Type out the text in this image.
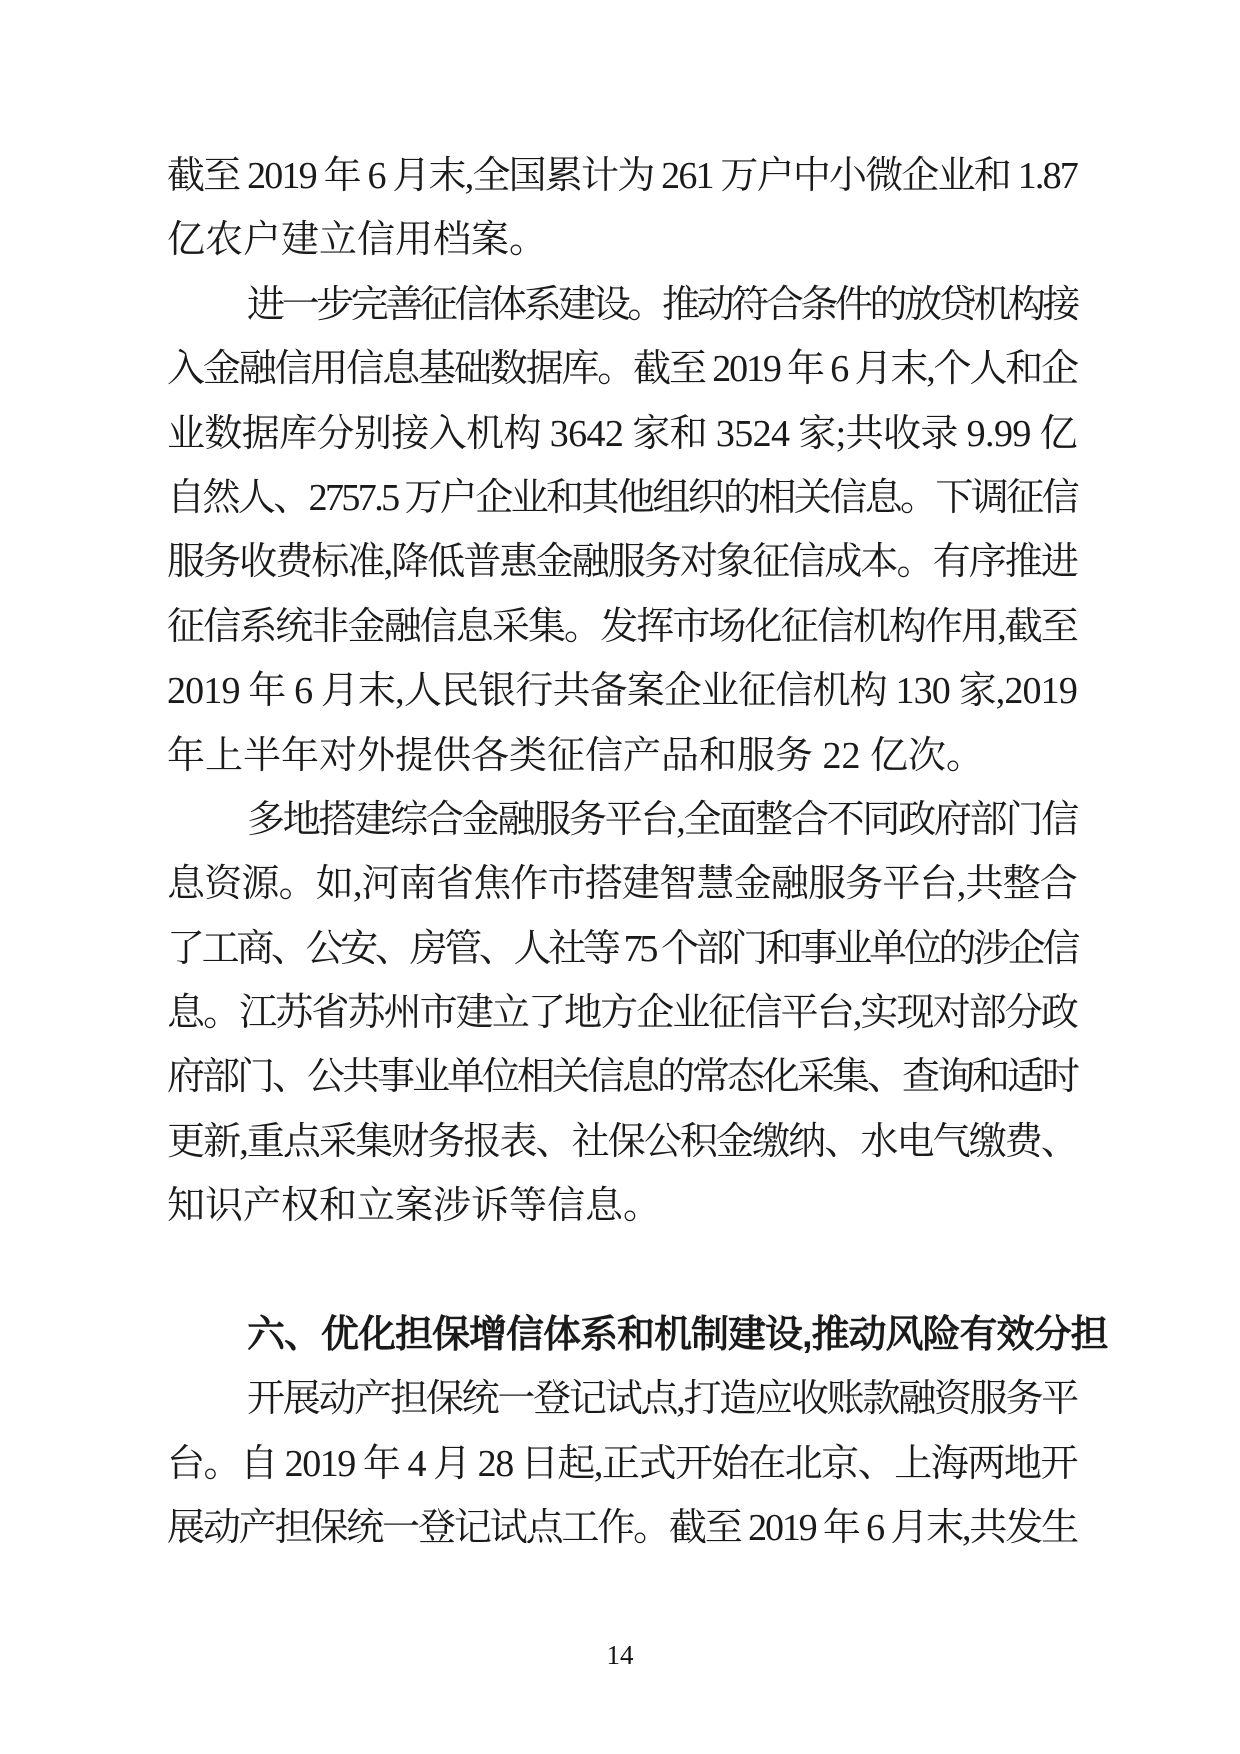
截至 2019 年 6 月末,全国累计为 261 万户中小微企业和 1.87
亿农户建立信用档案。
进一步完善征信体系建设。推动符合条件的放贷机构接
入金融信用信息基础数据库。截至 2019 年 6 月末,个人和企
业数据库分别接入机构 3642 家和 3524 家;共收录 9.99 亿
自然人、2757.5 万户企业和其他组织的相关信息。下调征信
服务收费标准,降低普惠金融服务对象征信成本。有序推进
征信系统非金融信息采集。发挥市场化征信机构作用,截至
2019 年 6 月末,人民银行共备案企业征信机构 130 家,2019
年上半年对外提供各类征信产品和服务 22 亿次。
多地搭建综合金融服务平台,全面整合不同政府部门信
息资源。如,河南省焦作市搭建智慧金融服务平台,共整合
了工商、公安、房管、人社等 75 个部门和事业单位的涉企信
息。江苏省苏州市建立了地方企业征信平台,实现对部分政
府部门、公共事业单位相关信息的常态化采集、查询和适时
更新,重点采集财务报表、社保公积金缴纳、水电气缴费、
知识产权和立案涉诉等信息。
六、优化担保增信体系和机制建设,推动风险有效分担
开展动产担保统一登记试点,打造应收账款融资服务平
台。自 2019 年 4 月 28 日起,正式开始在北京、上海两地开
展动产担保统一登记试点工作。截至 2019 年 6 月末,共发生
14
